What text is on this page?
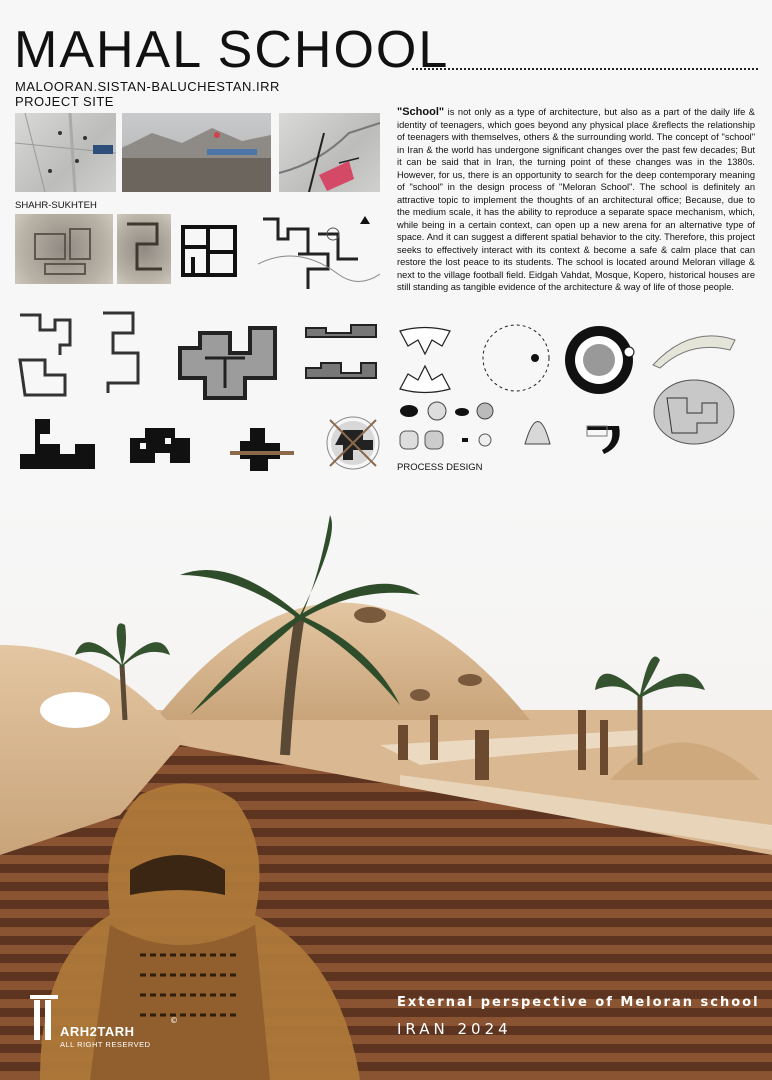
MAHAL SCHOOL
MALOORAN.SISTAN-BALUCHESTAN.IRR
PROJECT SITE
SHAHR-SUKHTEH
"School" is not only as a type of architecture, but also as a part of the daily life & identity of teenagers, which goes beyond any physical place &reflects the relationship of teenagers with themselves, others & the surrounding world. The concept of "school" in Iran & the world has undergone significant changes over the past few decades; But it can be said that in Iran, the turning point of these changes was in the 1380s. However, for us, there is an opportunity to search for the deep contemporary meaning of "school" in the design process of "Meloran School". The school is definitely an attractive topic to implement the thoughts of an architectural office; Because, due to the medium scale, it has the ability to reproduce a separate space mechanism, which, while being in a certain context, can open up a new arena for an alternative type of space. And it can suggest a different spatial behavior to the city. Therefore, this project seeks to effectively interact with its context & become a safe & calm place that can restore the lost peace to its students. The school is located around Meloran village & next to the village football field. Eidgah Vahdat, Mosque, Kopero, historical houses are still standing as tangible evidence of the architecture & way of life of those people.
PROCESS DESIGN
External perspective of Meloran school
IRAN 2024
ARH2TARH
ALL RIGHT RESERVED
©
